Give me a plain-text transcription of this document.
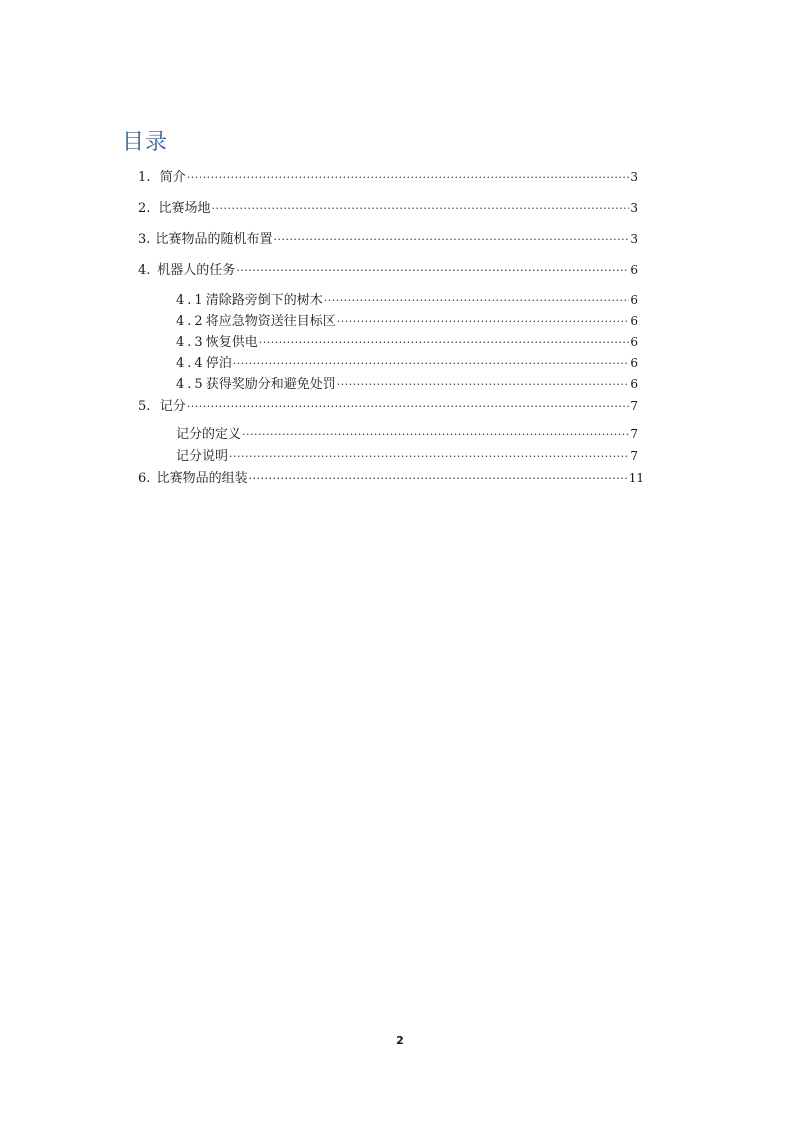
目录
1. 简介 ·····	3
2. 比赛场地 ·····	3
3. 比赛物品的随机布置 ·····	3
4. 机器人的任务 ·····	6
4.1 清除路旁倒下的树木 ·····	6
4.2 将应急物资送往目标区 ·····	6
4.3 恢复供电 ·····	6
4.4 停泊 ·····	6
4.5 获得奖励分和避免处罚 ·····	6
5. 记分 ·····	7
记分的定义 ·····	7
记分说明 ·····	7
6. 比赛物品的组装 ·····	11
2
